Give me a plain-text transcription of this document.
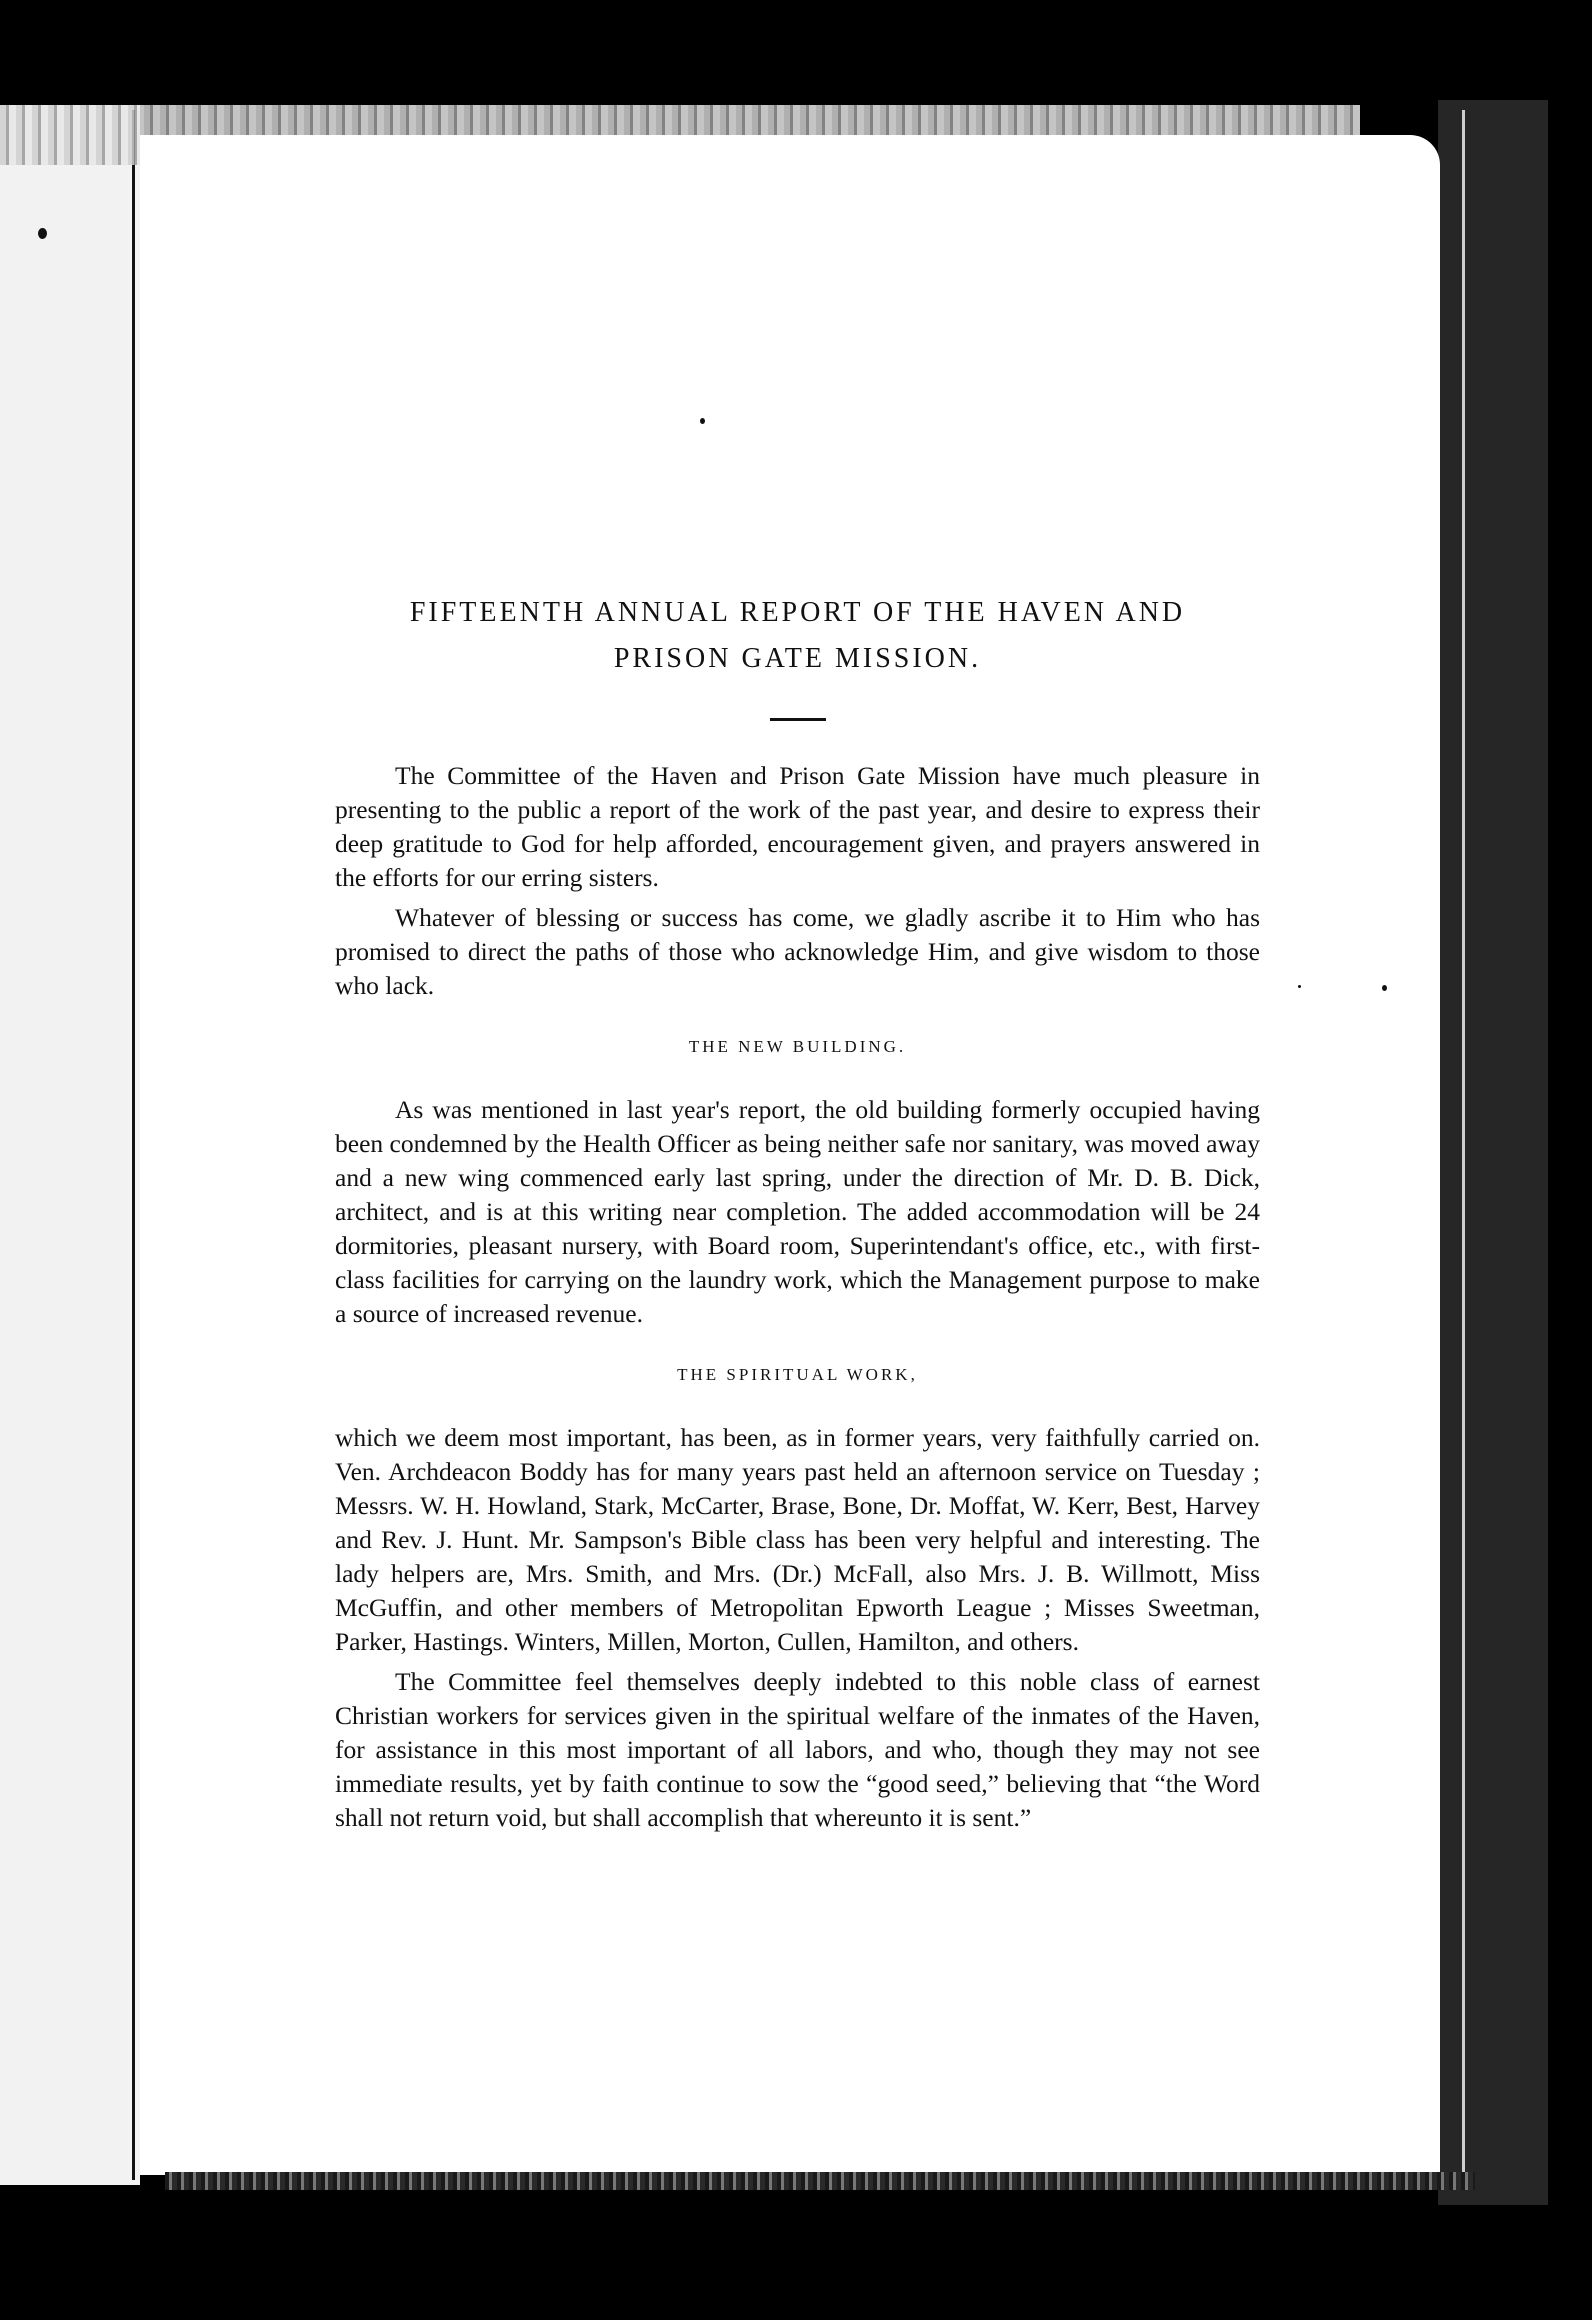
FIFTEENTH ANNUAL REPORT OF THE HAVEN AND
PRISON GATE MISSION.

The Committee of the Haven and Prison Gate Mission have much pleasure in presenting to the public a report of the work of the past year, and desire to express their deep gratitude to God for help afforded, encouragement given, and prayers answered in the efforts for our erring sisters.

Whatever of blessing or success has come, we gladly ascribe it to Him who has promised to direct the paths of those who acknowledge Him, and give wisdom to those who lack.

THE NEW BUILDING.

As was mentioned in last year's report, the old building formerly occupied having been condemned by the Health Officer as being neither safe nor sanitary, was moved away and a new wing commenced early last spring, under the direction of Mr. D. B. Dick, architect, and is at this writing near completion. The added accommodation will be 24 dormitories, pleasant nursery, with Board room, Superintendant's office, etc., with first-class facilities for carrying on the laundry work, which the Management purpose to make a source of increased revenue.

THE SPIRITUAL WORK,

which we deem most important, has been, as in former years, very faithfully carried on. Ven. Archdeacon Boddy has for many years past held an afternoon service on Tuesday ; Messrs. W. H. Howland, Stark, McCarter, Brase, Bone, Dr. Moffat, W. Kerr, Best, Harvey and Rev. J. Hunt. Mr. Sampson's Bible class has been very helpful and interesting. The lady helpers are, Mrs. Smith, and Mrs. (Dr.) McFall, also Mrs. J. B. Willmott, Miss McGuffin, and other members of Metropolitan Epworth League ; Misses Sweetman, Parker, Hastings. Winters, Millen, Morton, Cullen, Hamilton, and others.

The Committee feel themselves deeply indebted to this noble class of earnest Christian workers for services given in the spiritual welfare of the inmates of the Haven, for assistance in this most important of all labors, and who, though they may not see immediate results, yet by faith continue to sow the “good seed,” believing that “the Word shall not return void, but shall accomplish that whereunto it is sent.”
